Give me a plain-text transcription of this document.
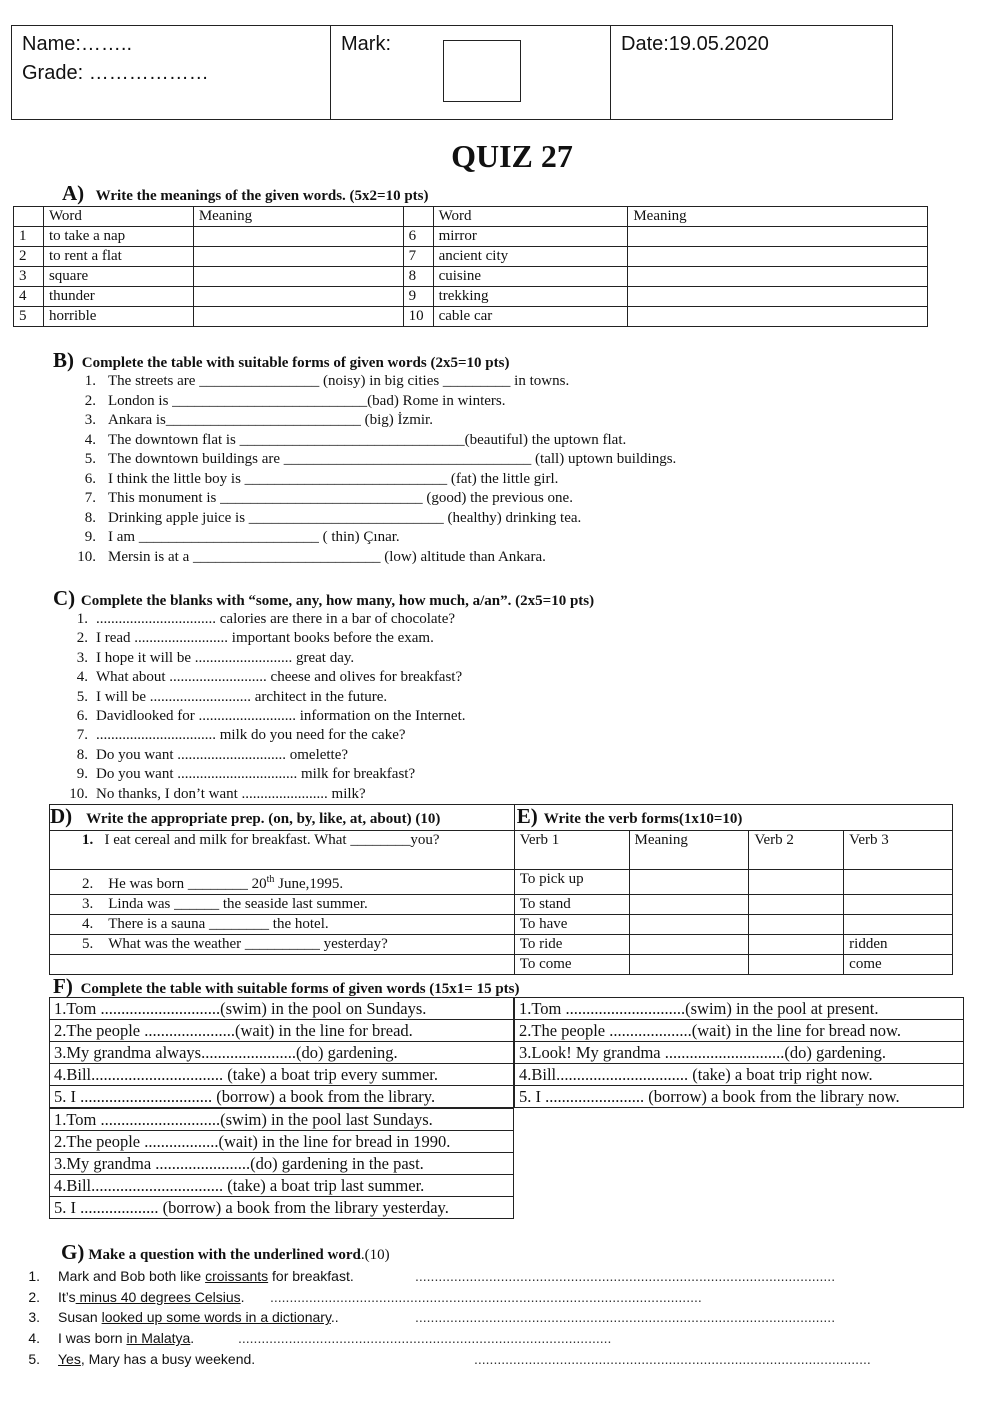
Name:……..
Grade: ………………
Mark:	Date:19.05.2020
QUIZ 27
A) Write the meanings of the given words. (5x2=10 pts)
	Word	Meaning		Word	Meaning
1	to take a nap		6	mirror	
2	to rent a flat		7	ancient city	
3	square		8	cuisine	
4	thunder		9	trekking	
5	horrible		10	cable car	
B) Complete the table with suitable forms of given words (2x5=10 pts)
1. The streets are ________________ (noisy) in big cities _________ in towns.
2. London is __________________________(bad) Rome in winters.
3. Ankara is__________________________ (big) İzmir.
4. The downtown flat is ______________________________(beautiful) the uptown flat.
5. The downtown buildings are _________________________________ (tall) uptown buildings.
6. I think the little boy is ___________________________ (fat) the little girl.
7. This monument is ___________________________ (good) the previous one.
8. Drinking apple juice is __________________________ (healthy) drinking tea.
9. I am ________________________ ( thin) Çınar.
10. Mersin is at a _________________________ (low) altitude than Ankara.
C) Complete the blanks with “some, any, how many, how much, a/an”. (2x5=10 pts)
1. ................................ calories are there in a bar of chocolate?
2. I read ......................... important books before the exam.
3. I hope it will be .......................... great day.
4. What about .......................... cheese and olives for breakfast?
5. I will be ........................... architect in the future.
6. Davidlooked for .......................... information on the Internet.
7. ................................ milk do you need for the cake?
8. Do you want ............................. omelette?
9. Do you want ................................ milk for breakfast?
10. No thanks, I don’t want ....................... milk?
D) Write the appropriate prep. (on, by, like, at, about) (10)	E) Write the verb forms(1x10=10)			
1. I eat cereal and milk for breakfast. What ________you?	Verb 1	Meaning	Verb 2	Verb 3
2. He was born ________ 20th June,1995.	To pick up			
3. Linda was ______ the seaside last summer.	To stand			
4. There is a sauna ________ the hotel.	To have			
5. What was the weather __________ yesterday?	To ride			ridden
	To come			come
F) Complete the table with suitable forms of given words (15x1= 15 pts)
1.Tom .............................(swim) in the pool on Sundays.
2.The people ......................(wait) in the line for bread.
3.My grandma always.......................(do) gardening.
4.Bill................................ (take) a boat trip every summer.
5. I ................................ (borrow) a book from the library.
1.Tom .............................(swim) in the pool at present.
2.The people ....................(wait) in the line for bread now.
3.Look! My grandma .............................(do) gardening.
4.Bill................................ (take) a boat trip right now.
5. I ........................ (borrow) a book from the library now.
1.Tom .............................(swim) in the pool last Sundays.
2.The people ..................(wait) in the line for bread in 1990.
3.My grandma .......................(do) gardening in the past.
4.Bill................................ (take) a boat trip last summer.
5. I ................... (borrow) a book from the library yesterday.
G) Make a question with the underlined word.(10)
1. Mark and Bob both like croissants for breakfast.	............................................................................................................
2. It’s minus 40 degrees Celsius.	...............................................................................................................
3. Susan looked up some words in a dictionary..	............................................................................................................
4. I was born in Malatya.	................................................................................................
5. Yes, Mary has a busy weekend.	......................................................................................................
